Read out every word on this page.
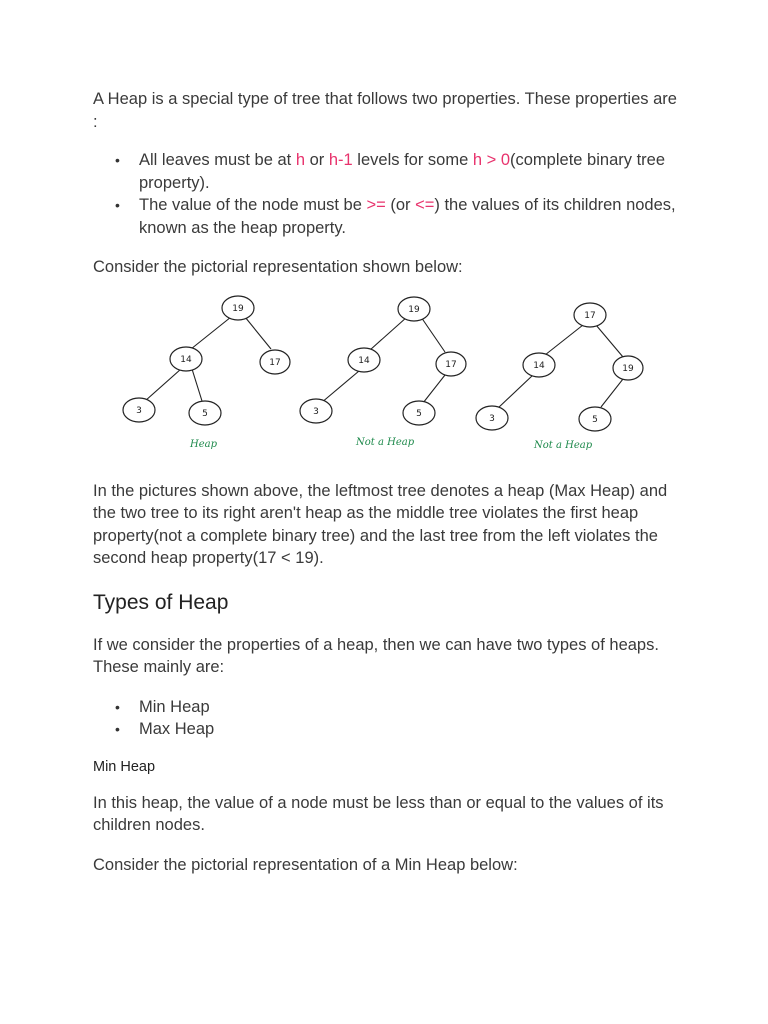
A Heap is a special type of tree that follows two properties. These properties are :

• All leaves must be at h or h-1 levels for some h > 0(complete binary tree property).
• The value of the node must be >= (or <=) the values of its children nodes, known as the heap property.

Consider the pictorial representation shown below:

19
14	17
3	5
19
14	17
3	5
17
14	19
3	5
Heap	Not a Heap	Not a Heap

In the pictures shown above, the leftmost tree denotes a heap (Max Heap) and the two tree to its right aren't heap as the middle tree violates the first heap property(not a complete binary tree) and the last tree from the left violates the second heap property(17 < 19).

Types of Heap

If we consider the properties of a heap, then we can have two types of heaps. These mainly are:

• Min Heap
• Max Heap
Min Heap

In this heap, the value of a node must be less than or equal to the values of its children nodes.

Consider the pictorial representation of a Min Heap below:
